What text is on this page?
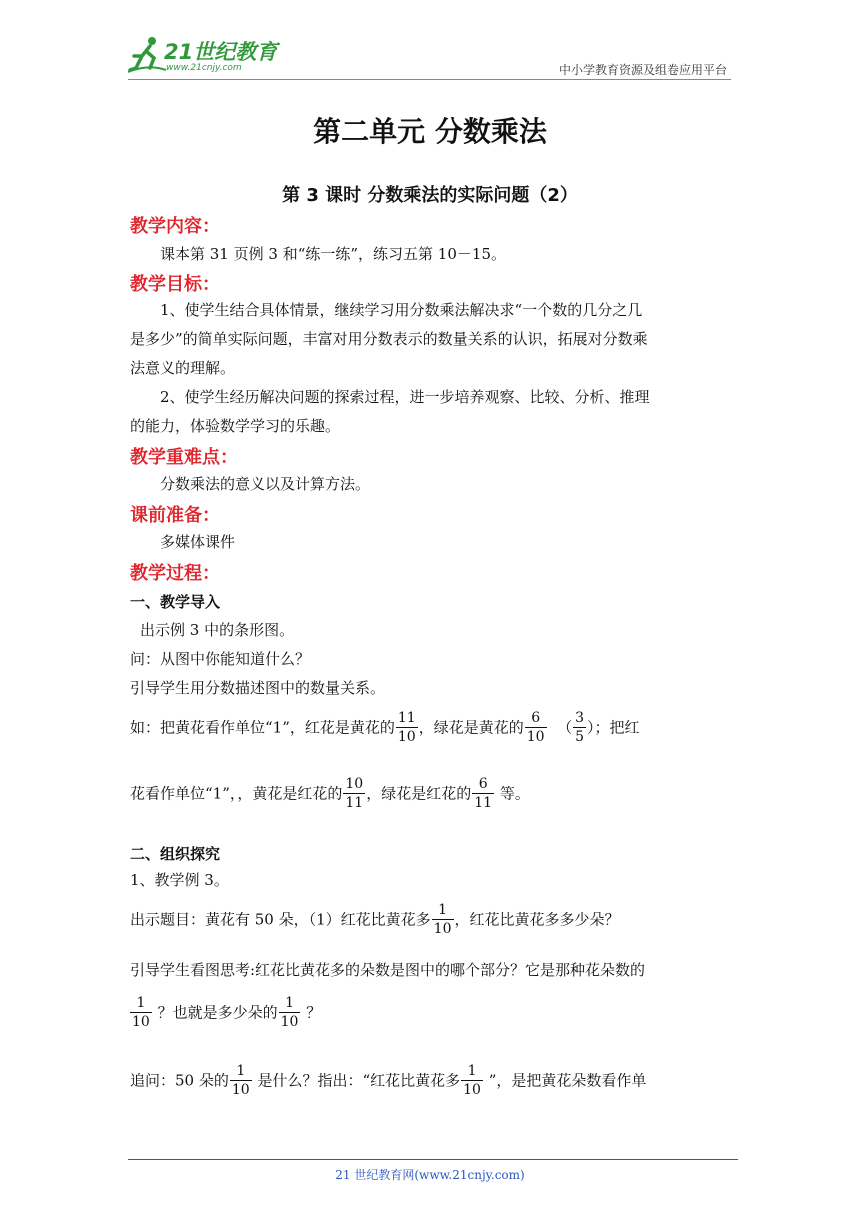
21世纪教育
www.21cnjy.com	中小学教育资源及组卷应用平台
第二单元 分数乘法
第 3 课时 分数乘法的实际问题（2）
教学内容：
课本第 31 页例 3 和“练一练”，练习五第 10－15。
教学目标：
1、使学生结合具体情景，继续学习用分数乘法解决求“一个数的几分之几
是多少”的简单实际问题，丰富对用分数表示的数量关系的认识，拓展对分数乘
法意义的理解。
2、使学生经历解决问题的探索过程，进一步培养观察、比较、分析、推理
的能力，体验数学学习的乐趣。
教学重难点：
分数乘法的意义以及计算方法。
课前准备：
多媒体课件
教学过程：
一、教学导入
出示例 3 中的条形图。
问：从图中你能知道什么？
引导学生用分数描述图中的数量关系。
如：把黄花看作单位“1”，红花是黄花的 $\frac{11}{10}$ ，绿花是黄花的 $\frac{6}{10}$ （ $\frac{3}{5}$ ）；把红
花看作单位“1”，，黄花是红花的 $\frac{10}{11}$ ，绿花是红花的 $\frac{6}{11}$ 等。
二、组织探究
1、教学例 3。
出示题目：黄花有 50 朵，（1）红花比黄花多 $\frac{1}{10}$ ，红花比黄花多多少朵？
引导学生看图思考:红花比黄花多的朵数是图中的哪个部分？它是那种花朵数的
$\frac{1}{10}$ ？也就是多少朵的 $\frac{1}{10}$ ？
追问：50 朵的 $\frac{1}{10}$ 是什么？指出：“红花比黄花多 $\frac{1}{10}$ ”，是把黄花朵数看作单
21 世纪教育网(www.21cnjy.com)
